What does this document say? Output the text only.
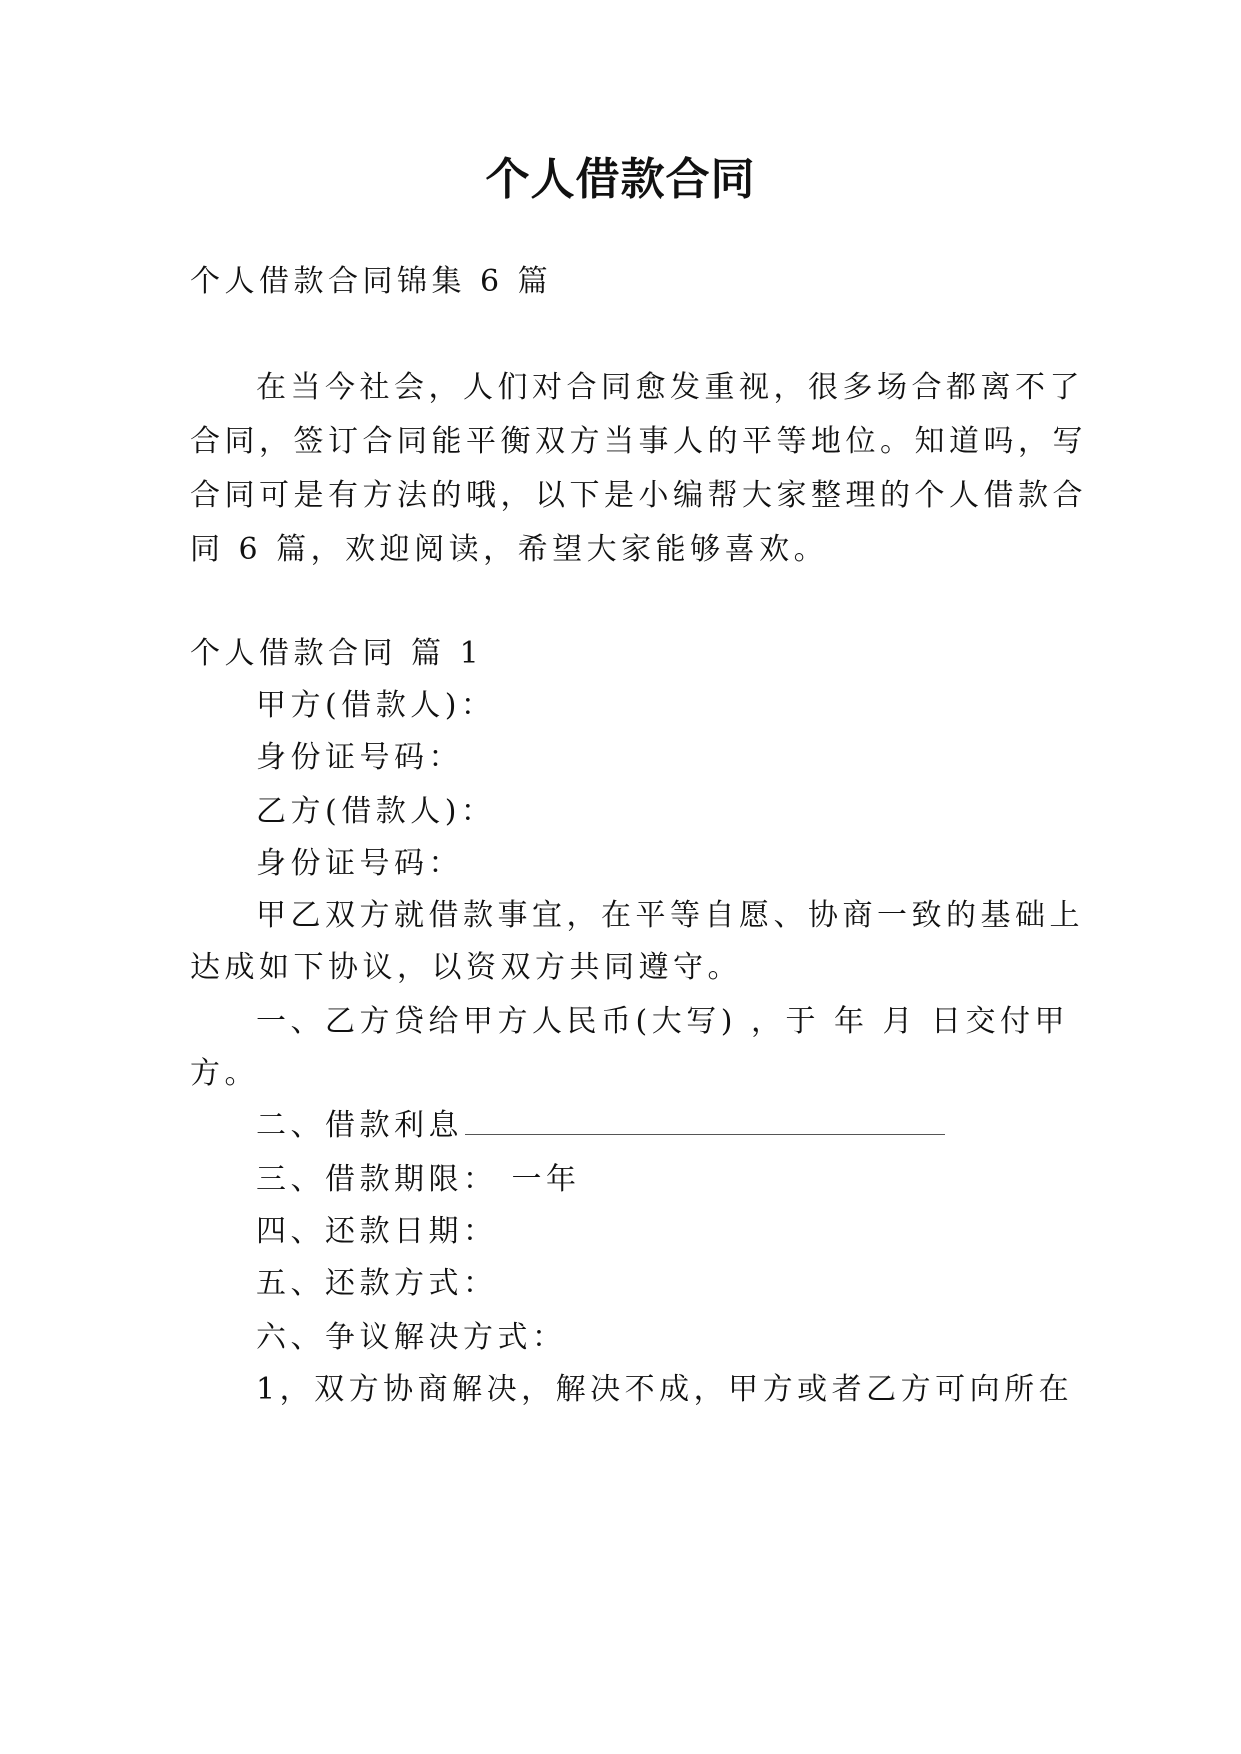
个人借款合同
个人借款合同锦集 6 篇
在当今社会，人们对合同愈发重视，很多场合都离不了
合同，签订合同能平衡双方当事人的平等地位。知道吗，写
合同可是有方法的哦，以下是小编帮大家整理的个人借款合
同 6 篇，欢迎阅读，希望大家能够喜欢。
个人借款合同 篇 1
甲方(借款人)：
身份证号码：
乙方(借款人)：
身份证号码：
甲乙双方就借款事宜，在平等自愿、协商一致的基础上
达成如下协议，以资双方共同遵守。
一、乙方贷给甲方人民币(大写) ，于 年 月 日交付甲
方。
二、借款利息
三、借款期限： 一年
四、还款日期：
五、还款方式：
六、争议解决方式：
1，双方协商解决，解决不成，甲方或者乙方可向所在
